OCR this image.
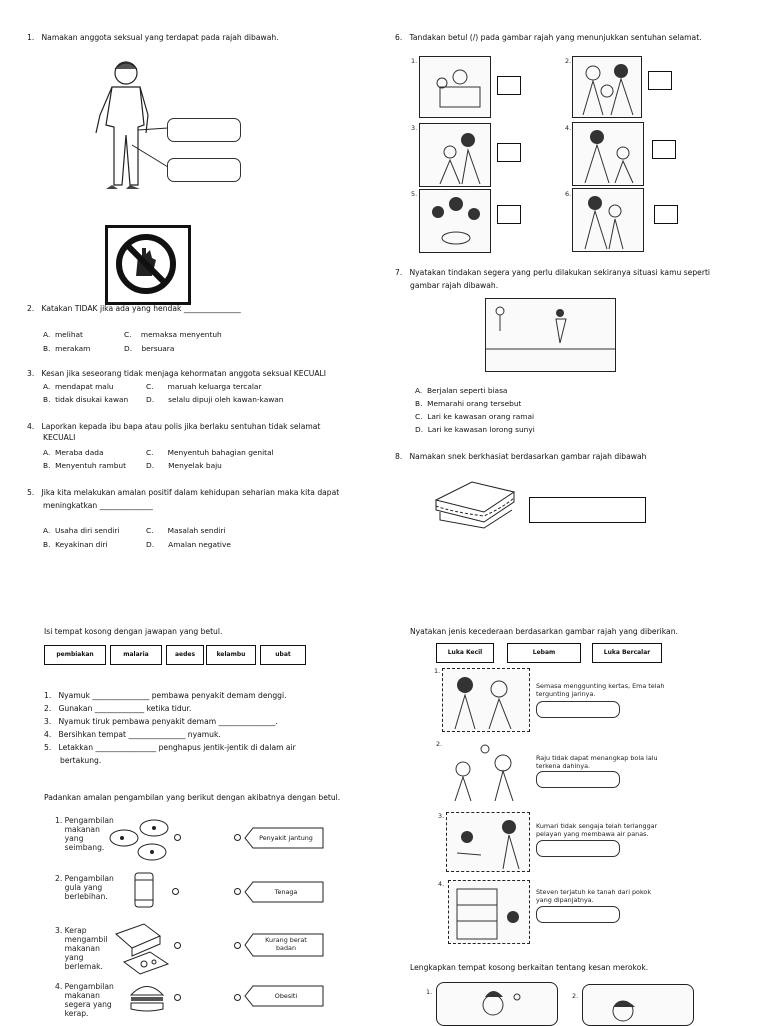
1. Namakan anggota seksual yang terdapat pada rajah dibawah.
2. Katakan TIDAK jika ada yang hendak _______________
A. melihat	C. memaksa menyentuh
B. merakam	D. bersuara
3. Kesan jika seseorang tidak menjaga kehormatan anggota seksual KECUALI
A. mendapat malu	C. maruah keluarga tercalar
B. tidak disukai kawan D. selalu dipuji oleh kawan-kawan
4. Laporkan kepada ibu bapa atau polis jika berlaku sentuhan tidak selamat
KECUALI
A. Meraba dada	C. Menyentuh bahagian genital
B. Menyentuh rambut	D. Menyelak baju
5. Jika kita melakukan amalan positif dalam kehidupan seharian maka kita dapat
meningkatkan ______________
A. Usaha diri sendiri	C. Masalah sendiri
B. Keyakinan diri	D. Amalan negative
6. Tandakan betul (/) pada gambar rajah yang menunjukkan sentuhan selamat.
1.	2.
3.	4.
5.	6.
7. Nyatakan tindakan segera yang perlu dilakukan sekiranya situasi kamu seperti
gambar rajah dibawah.
A. Berjalan seperti biasa
B. Memarahi orang tersebut
C. Lari ke kawasan orang ramai
D. Lari ke kawasan lorong sunyi
8. Namakan snek berkhasiat berdasarkan gambar rajah dibawah
Isi tempat kosong dengan jawapan yang betul.
pembiakan	malaria	aedes	kelambu	ubat
1. Nyamuk _______________ pembawa penyakit demam denggi.
2. Gunakan _____________ ketika tidur.
3. Nyamuk tiruk pembawa penyakit demam _______________.
4. Bersihkan tempat _______________ nyamuk.
5. Letakkan ________________ penghapus jentik-jentik di dalam air
bertakung.
Padankan amalan pengambilan yang berikut dengan akibatnya dengan betul.
1. Pengambilan
makanan
yang
seimbang.
2. Pengambilan
gula yang
berlebihan.
3. Kerap
mengambil
makanan
yang
berlemak.
4. Pengambilan
makanan
segera yang
kerap.
Penyakit jantung
Tenaga
Kurang berat
badan
Obesiti
Nyatakan jenis kecederaan berdasarkan gambar rajah yang diberikan.
Luka Kecil	Lebam	Luka Bercalar
1.
Semasa menggunting kertas, Ema telah
tergunting jarinya.
2.
Raju tidak dapat menangkap bola lalu
terkena dahinya.
3.
Kumari tidak sengaja telah terlanggar
pelayan yang membawa air panas.
4.
Steven terjatuh ke tanah dari pokok
yang dipanjatnya.
Lengkapkan tempat kosong berkaitan tentang kesan merokok.
1.	2.
